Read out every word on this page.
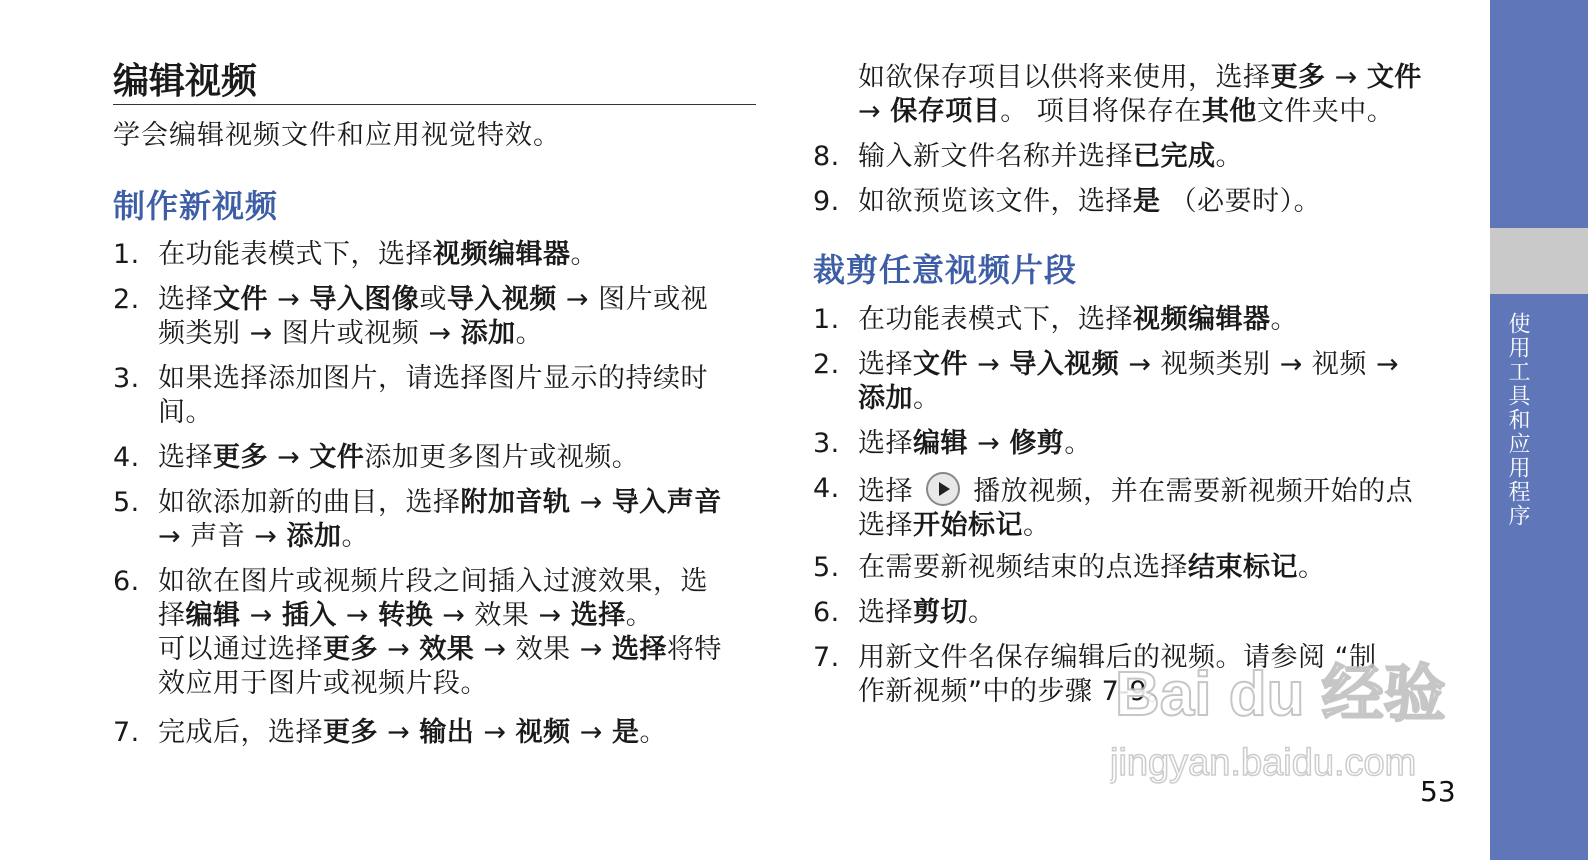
编辑视频
学会编辑视频文件和应用视觉特效。
制作新视频
1. 在功能表模式下，选择视频编辑器。
2. 选择文件 → 导入图像或导入视频 → 图片或视
频类别 → 图片或视频 → 添加。
3. 如果选择添加图片，请选择图片显示的持续时
间。
4. 选择更多 → 文件添加更多图片或视频。
5. 如欲添加新的曲目，选择附加音轨 → 导入声音
→ 声音 → 添加。
6. 如欲在图片或视频片段之间插入过渡效果，选
择编辑 → 插入 → 转换 → 效果 → 选择。
可以通过选择更多 → 效果 → 效果 → 选择将特
效应用于图片或视频片段。
7. 完成后，选择更多 → 输出 → 视频 → 是。
如欲保存项目以供将来使用，选择更多 → 文件
→ 保存项目。 项目将保存在其他文件夹中。
8. 输入新文件名称并选择已完成。
9. 如欲预览该文件，选择是 （必要时）。
裁剪任意视频片段
1. 在功能表模式下，选择视频编辑器。
2. 选择文件 → 导入视频 → 视频类别 → 视频 →
添加。
3. 选择编辑 → 修剪。
4. 选择  播放视频，并在需要新视频开始的点
选择开始标记。
5. 在需要新视频结束的点选择结束标记。
6. 选择剪切。
7. 用新文件名保存编辑后的视频。请参阅 “制
作新视频”中的步骤 7-9。
使用工具和应用程序
53
Bai du 经验
jingyan.baidu.com
